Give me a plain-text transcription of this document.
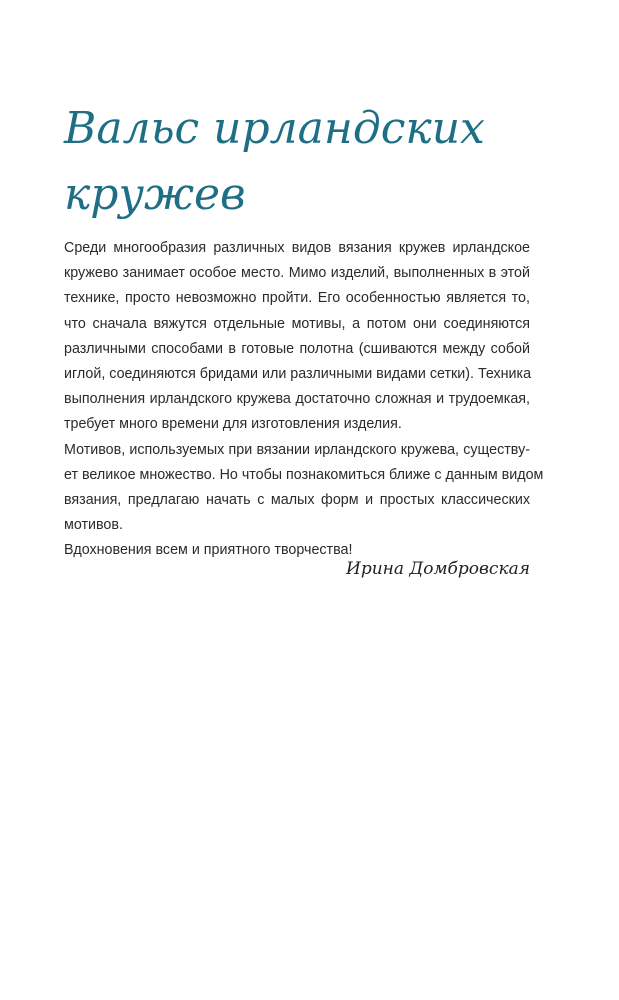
Вальс ирландских
кружев
Среди многообразия различных видов вязания кружев ирландское
кружево занимает особое место. Мимо изделий, выполненных в этой
технике, просто невозможно пройти. Его особенностью является то,
что сначала вяжутся отдельные мотивы, а потом они соединяются
различными способами в готовые полотна (сшиваются между собой
иглой, соединяются бридами или различными видами сетки). Техника
выполнения ирландского кружева достаточно сложная и трудоемкая,
требует много времени для изготовления изделия.
Мотивов, используемых при вязании ирландского кружева, существу-
ет великое множество. Но чтобы познакомиться ближе с данным видом
вязания, предлагаю начать с малых форм и простых классических
мотивов.
Вдохновения всем и приятного творчества!
Ирина Домбровская
